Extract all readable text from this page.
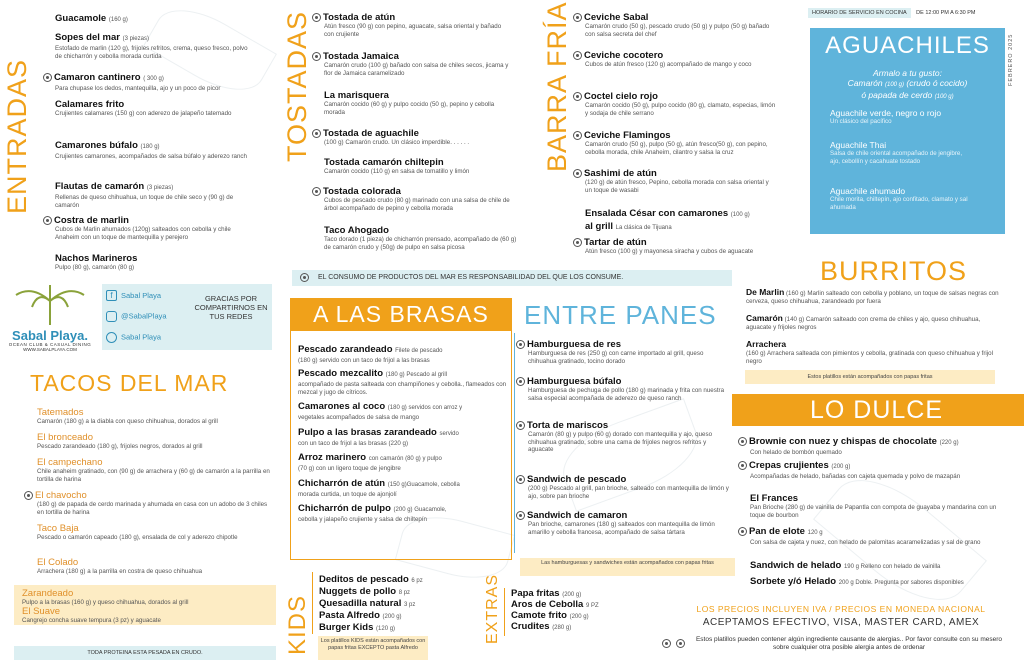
ENTRADAS
Guacamole (160 g)
Sopes del mar (3 piezas)
Estofado de marlin (120 g), frijoles refritos, crema, queso fresco, polvo de chicharrón y cebolla morada curtida
Camaron cantinero ( 300 g)
Para chupase los dedos, mantequilla, ajo y un poco de picor
Calamares frito
Crujientes calamares (150 g) con aderezo de jalapeño tatemado
Camarones búfalo (180 g)
Crujientes camarones, acompañados de salsa búfalo y aderezo ranch
Flautas de camarón (3 piezas)
Rellenas de queso chihuahua, un toque de chile seco y (90 g) de camarón
Costra de marlin
Cubos de Marlin ahumados (120g) salteados con cebolla y chile Anaheim con un toque de mantequilla y perejero
Nachos Marineros
Pulpo (80 g), camarón (80 g)
Sabal Playa.
OCEAN CLUB & CASUAL DINING
WWW.SABALPLAYA.COM
f Sabal Playa
@SabalPlaya
Sabal Playa
GRACIAS POR COMPARTIRNOS EN TUS REDES
TACOS DEL MAR
Tatemados
Camarón (180 g) a la diabla con queso chihuahua, dorados al grill
El bronceado
Pescado zarandeado (180 g), frijoles negros, dorados al grill
El campechano
Chile anaheim gratinado, con (90 g) de arrachera y (60 g) de camarón a la parrilla en tortilla de harina
El chavocho
(180 g) de papada de cerdo marinada y ahumada en casa con un adobo de 3 chiles en tortilla de harina
Taco Baja
Pescado o camarón capeado (180 g), ensalada de col y aderezo chipotle
El Colado
Arrachera (180 g) a la parrilla en costra de queso chihuahua
Zarandeado
Pulpo a la brasas (160 g) y queso chihuahua, dorados al grill
El Suave
Cangrejo concha suave tempura (3 pz) y aguacate
TODA PROTEINA ESTA PESADA EN CRUDO.
TOSTADAS	Tostada de atún
Atún fresco (90 g) con pepino, aguacate, salsa oriental y bañado con crujiente
Tostada Jamaica
Camarón crudo (100 g) bañado con salsa de chiles secos, jicama y flor de Jamaica caramelizado
La marisquera
Camarón cocido (60 g) y pulpo cocido (50 g), pepino y cebolla morada
Tostada de aguachile
(100 g) Camarón crudo. Un clásico imperdible. . . . . .
Tostada camarón chiltepin
Camarón cocido (110 g) en salsa de tomatillo y limón
Tostada colorada
Cubos de pescado crudo (80 g) marinado con una salsa de chile de árbol acompañado de pepino y cebolla morada
Taco Ahogado
Taco dorado (1 pieza) de chicharrón prensado, acompañado de (60 g) de camarón crudo y (50g) de pulpo en salsa picosa
BARRA FRÍA	Ceviche Sabal
Camarón crudo (50 g), pescado crudo (50 g) y pulpo (50 g) bañado con salsa secreta del chef
Ceviche cocotero
Cubos de atún fresco (120 g) acompañado de mango y coco
Coctel cielo rojo
Camarón cocido (50 g), pulpo cocido (80 g), clamato, especias, limón y sodaja de chile serrano
Ceviche Flamingos
Camarón crudo (50 g), pulpo (50 g), atún fresco(50 g), con pepino, cebolla morada, chile Anaheim, cilantro y salsa la cruz
Sashimi de atún
(120 g) de atún fresco, Pepino, cebolla morada con salsa oriental y un toque de wasabi
Ensalada César con camarones (100 g)
al grill La clásica de Tijuana
Tartar de atún
Atún fresco (100 g) y mayonesa siracha y cubos de aguacate
HORARIO DE SERVICIO EN COCINA DE 12:00 PM A 6:30 PM
FEBRERO 2025
AGUACHILES
Armalo a tu gusto:
Camarón (100 g) (crudo ó cocido)
ó papada de cerdo (100 g)
Aguachile verde, negro o rojo
Un clásico del pacífico
Aguachile Thai
Salsa de chile oriental acompañado de jengibre, ajo, cebollín y cacahuate tostado
Aguachile ahumado
Chile morita, chiltepín, ajo confitado, clamato y sal ahumada
EL CONSUMO DE PRODUCTOS DEL MAR ES RESPONSABILIDAD DEL QUE LOS CONSUME.
A LAS BRASAS
Pescado zarandeado Filete de pescado
(180 g) servido con un taco de frijol a las brasas
Pescado mezcalito (180 g) Pescado al grill
acompañado de pasta salteada con champiñones y cebolla., flameados con mezcal y jugo de cítricos.
Camarones al coco (180 g) servidos con arroz y
vegetales acompañados de salsa de mango
Pulpo a las brasas zarandeado servido
con un taco de frijol a las brasas (220 g)
Arroz marinero con camarón (80 g) y pulpo
(70 g) con un ligero toque de jengibre
Chicharrón de atún (150 g)Guacamole, cebolla
morada curtida, un toque de ajonjolí
Chicharrón de pulpo (200 g) Guacamole,
cebolla y jalapeño crujiente y salsa de chiltepín
ENTRE PANES
Hamburguesa de res
Hamburguesa de res (250 g) con carne importado al grill, queso chihuahua gratinado, tocino dorado
Hamburguesa búfalo
Hamburguesa de pechuga de pollo (180 g) marinada y frita con nuestra salsa especial acompañada de aderezo de queso ranch
Torta de mariscos
Camarón (80 g) y pulpo (60 g) dorado con mantequilla y ajo, queso chihuahua gratinado, sobre una cama de frijoles negros refritos y aguacate
Sandwich de pescado
(200 g) Pescado al grill, pan brioche, salteado con mantequilla de limón y ajo, sobre pan brioche
Sandwich de camaron
Pan brioche, camarones (180 g) salteados con mantequilla de limón amarillo y cebolla francesa, acompañado de salsa tártara
Las hamburguesas y sandwiches están acompañados con papas fritas
BURRITOS
De Marlin (160 g) Marlin salteado con cebolla y poblano, un toque de salsas negras con cerveza, queso chihuahua, zarandeado por fuera
Camarón (140 g) Camarón salteado con crema de chiles y ajo, queso chihuahua, aguacate y frijoles negros
Arrachera
(160 g) Arrachera salteada con pimientos y cebolla, gratinada con queso chihuahua y frijol negro
Estos platillos están acompañados con papas fritas
LO DULCE
Brownie con nuez y chispas de chocolate (220 g)
Con helado de bombón quemado
Crepas crujientes (200 g)
Acompañadas de helado, bañadas con cajeta quemada y polvo de mazapán
El Frances
Pan Brioche (280 g) de vainilla de Papantla con compota de guayaba y mandarina con un toque de bourbon
Pan de elote 120 g
Con salsa de cajeta y nuez, con helado de palomitas acaramelizadas y sal de grano
Sandwich de helado 190 g Relleno con helado de vainilla
Sorbete y/ó Helado 200 g Doble. Pregunta por sabores disponibles
KIDS
Deditos de pescado 6 pz
Nuggets de pollo 8 pz
Quesadilla natural 3 pz
Pasta Alfredo (200 g)
Burger Kids (120 g)
Los platillos KIDS están acompañados con papas fritas EXCEPTO pasta Alfredo
EXTRAS Papa fritas (200 g)
Aros de Cebolla 9 PZ
Camote frito (200 g)
Crudites (280 g)
LOS PRECIOS INCLUYEN IVA / PRECIOS EN MONEDA NACIONAL
ACEPTAMOS EFECTIVO, VISA, MASTER CARD, AMEX
Estos platillos pueden contener algún ingrediente causante de alergias.. Por favor consulte con su mesero sobre cualquier otra posible alergia antes de ordenar
